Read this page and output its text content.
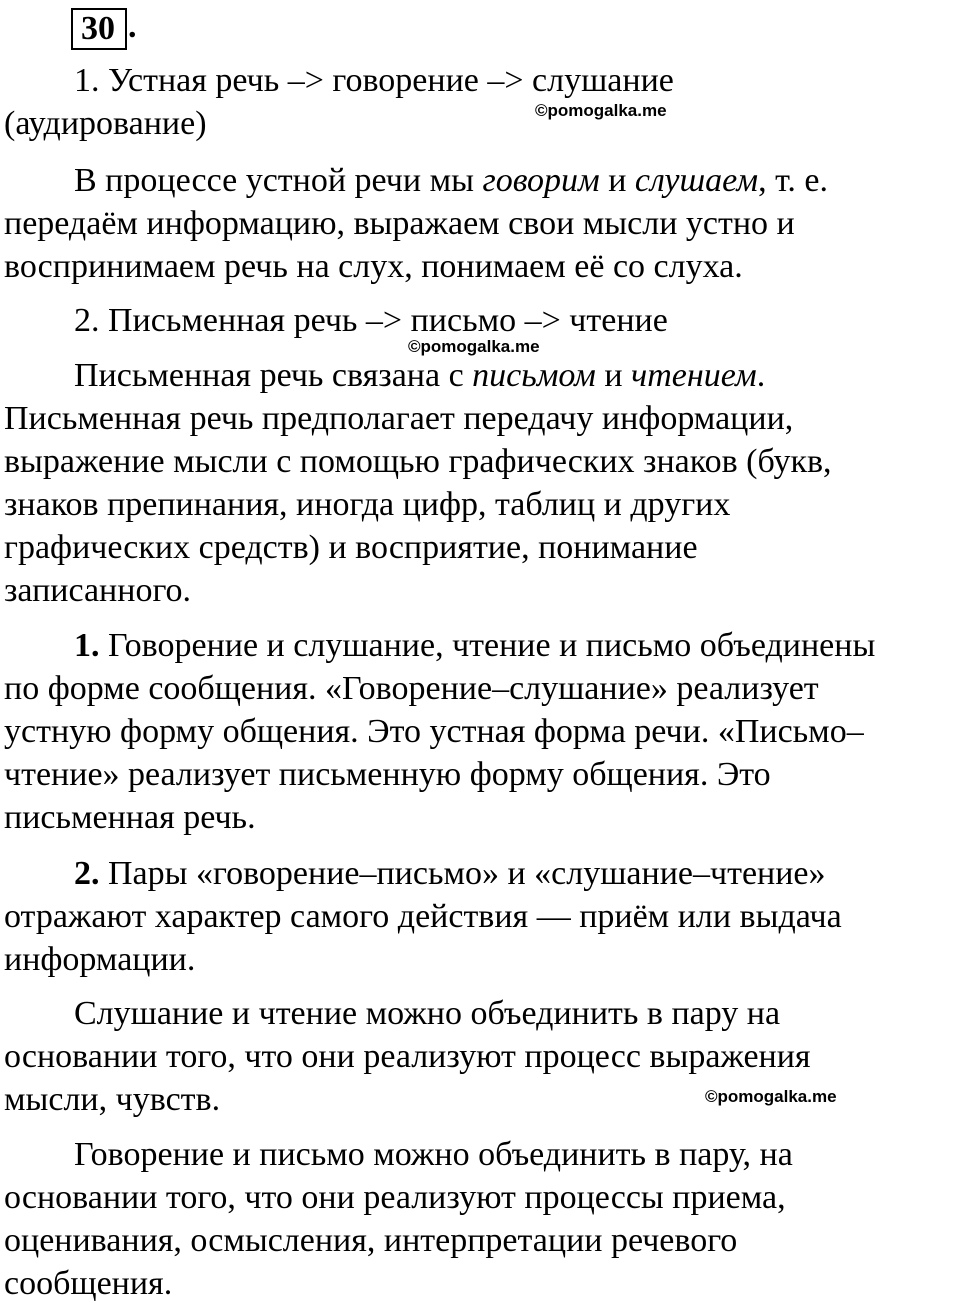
30 .

1. Устная речь –> говорение –> слушание

(аудирование)	©pomogalka.me

В процессе устной речи мы говорим и слушаем, т. е.

передаём информацию, выражаем свои мысли устно и

воспринимаем речь на слух, понимаем её со слуха.

2. Письменная речь –> письмо –> чтение

©pomogalka.me

Письменная речь связана с письмом и чтением.

Письменная речь предполагает передачу информации,

выражение мысли с помощью графических знаков (букв,

знаков препинания, иногда цифр, таблиц и других

графических средств) и восприятие, понимание

записанного.

1. Говорение и слушание, чтение и письмо объединены

по форме сообщения. «Говорение–слушание» реализует

устную форму общения. Это устная форма речи. «Письмо–

чтение» реализует письменную форму общения. Это

письменная речь.

2. Пары «говорение–письмо» и «слушание–чтение»

отражают характер самого действия — приём или выдача

информации.

Слушание и чтение можно объединить в пару на

основании того, что они реализуют процесс выражения

мысли, чувств.	©pomogalka.me

Говорение и письмо можно объединить в пару, на

основании того, что они реализуют процессы приема,

оценивания, осмысления, интерпретации речевого

сообщения.
